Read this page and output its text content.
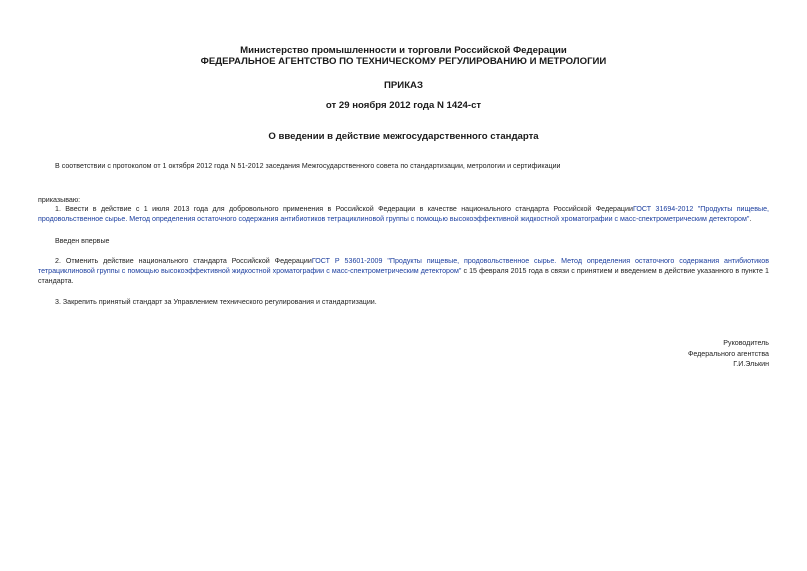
Министерство промышленности и торговли Российской Федерации
ФЕДЕРАЛЬНОЕ АГЕНТСТВО ПО ТЕХНИЧЕСКОМУ РЕГУЛИРОВАНИЮ И МЕТРОЛОГИИ
ПРИКАЗ
от 29 ноября 2012 года N 1424-ст
О введении в действие межгосударственного стандарта
В соответствии с протоколом от 1 октября 2012 года N 51-2012 заседания Межгосударственного совета по стандартизации, метрологии и сертификации
приказываю:
1. Ввести в действие с 1 июля 2013 года для добровольного применения в Российской Федерации в качестве национального стандарта Российской ФедерацииГОСТ 31694-2012 "Продукты пищевые, продовольственное сырье. Метод определения остаточного содержания антибиотиков тетрациклиновой группы с помощью высокоэффективной жидкостной хроматографии с масс-спектрометрическим детектором".
Введен впервые
2. Отменить действие национального стандарта Российской ФедерацииГОСТ Р 53601-2009 "Продукты пищевые, продовольственное сырье. Метод определения остаточного содержания антибиотиков тетрациклиновой группы с помощью высокоэффективной жидкостной хроматографии с масс-спектрометрическим детектором" с 15 февраля 2015 года в связи с принятием и введением в действие указанного в пункте 1 стандарта.
3. Закрепить принятый стандарт за Управлением технического регулирования и стандартизации.
Руководитель
Федерального агентства
Г.И.Элькин
